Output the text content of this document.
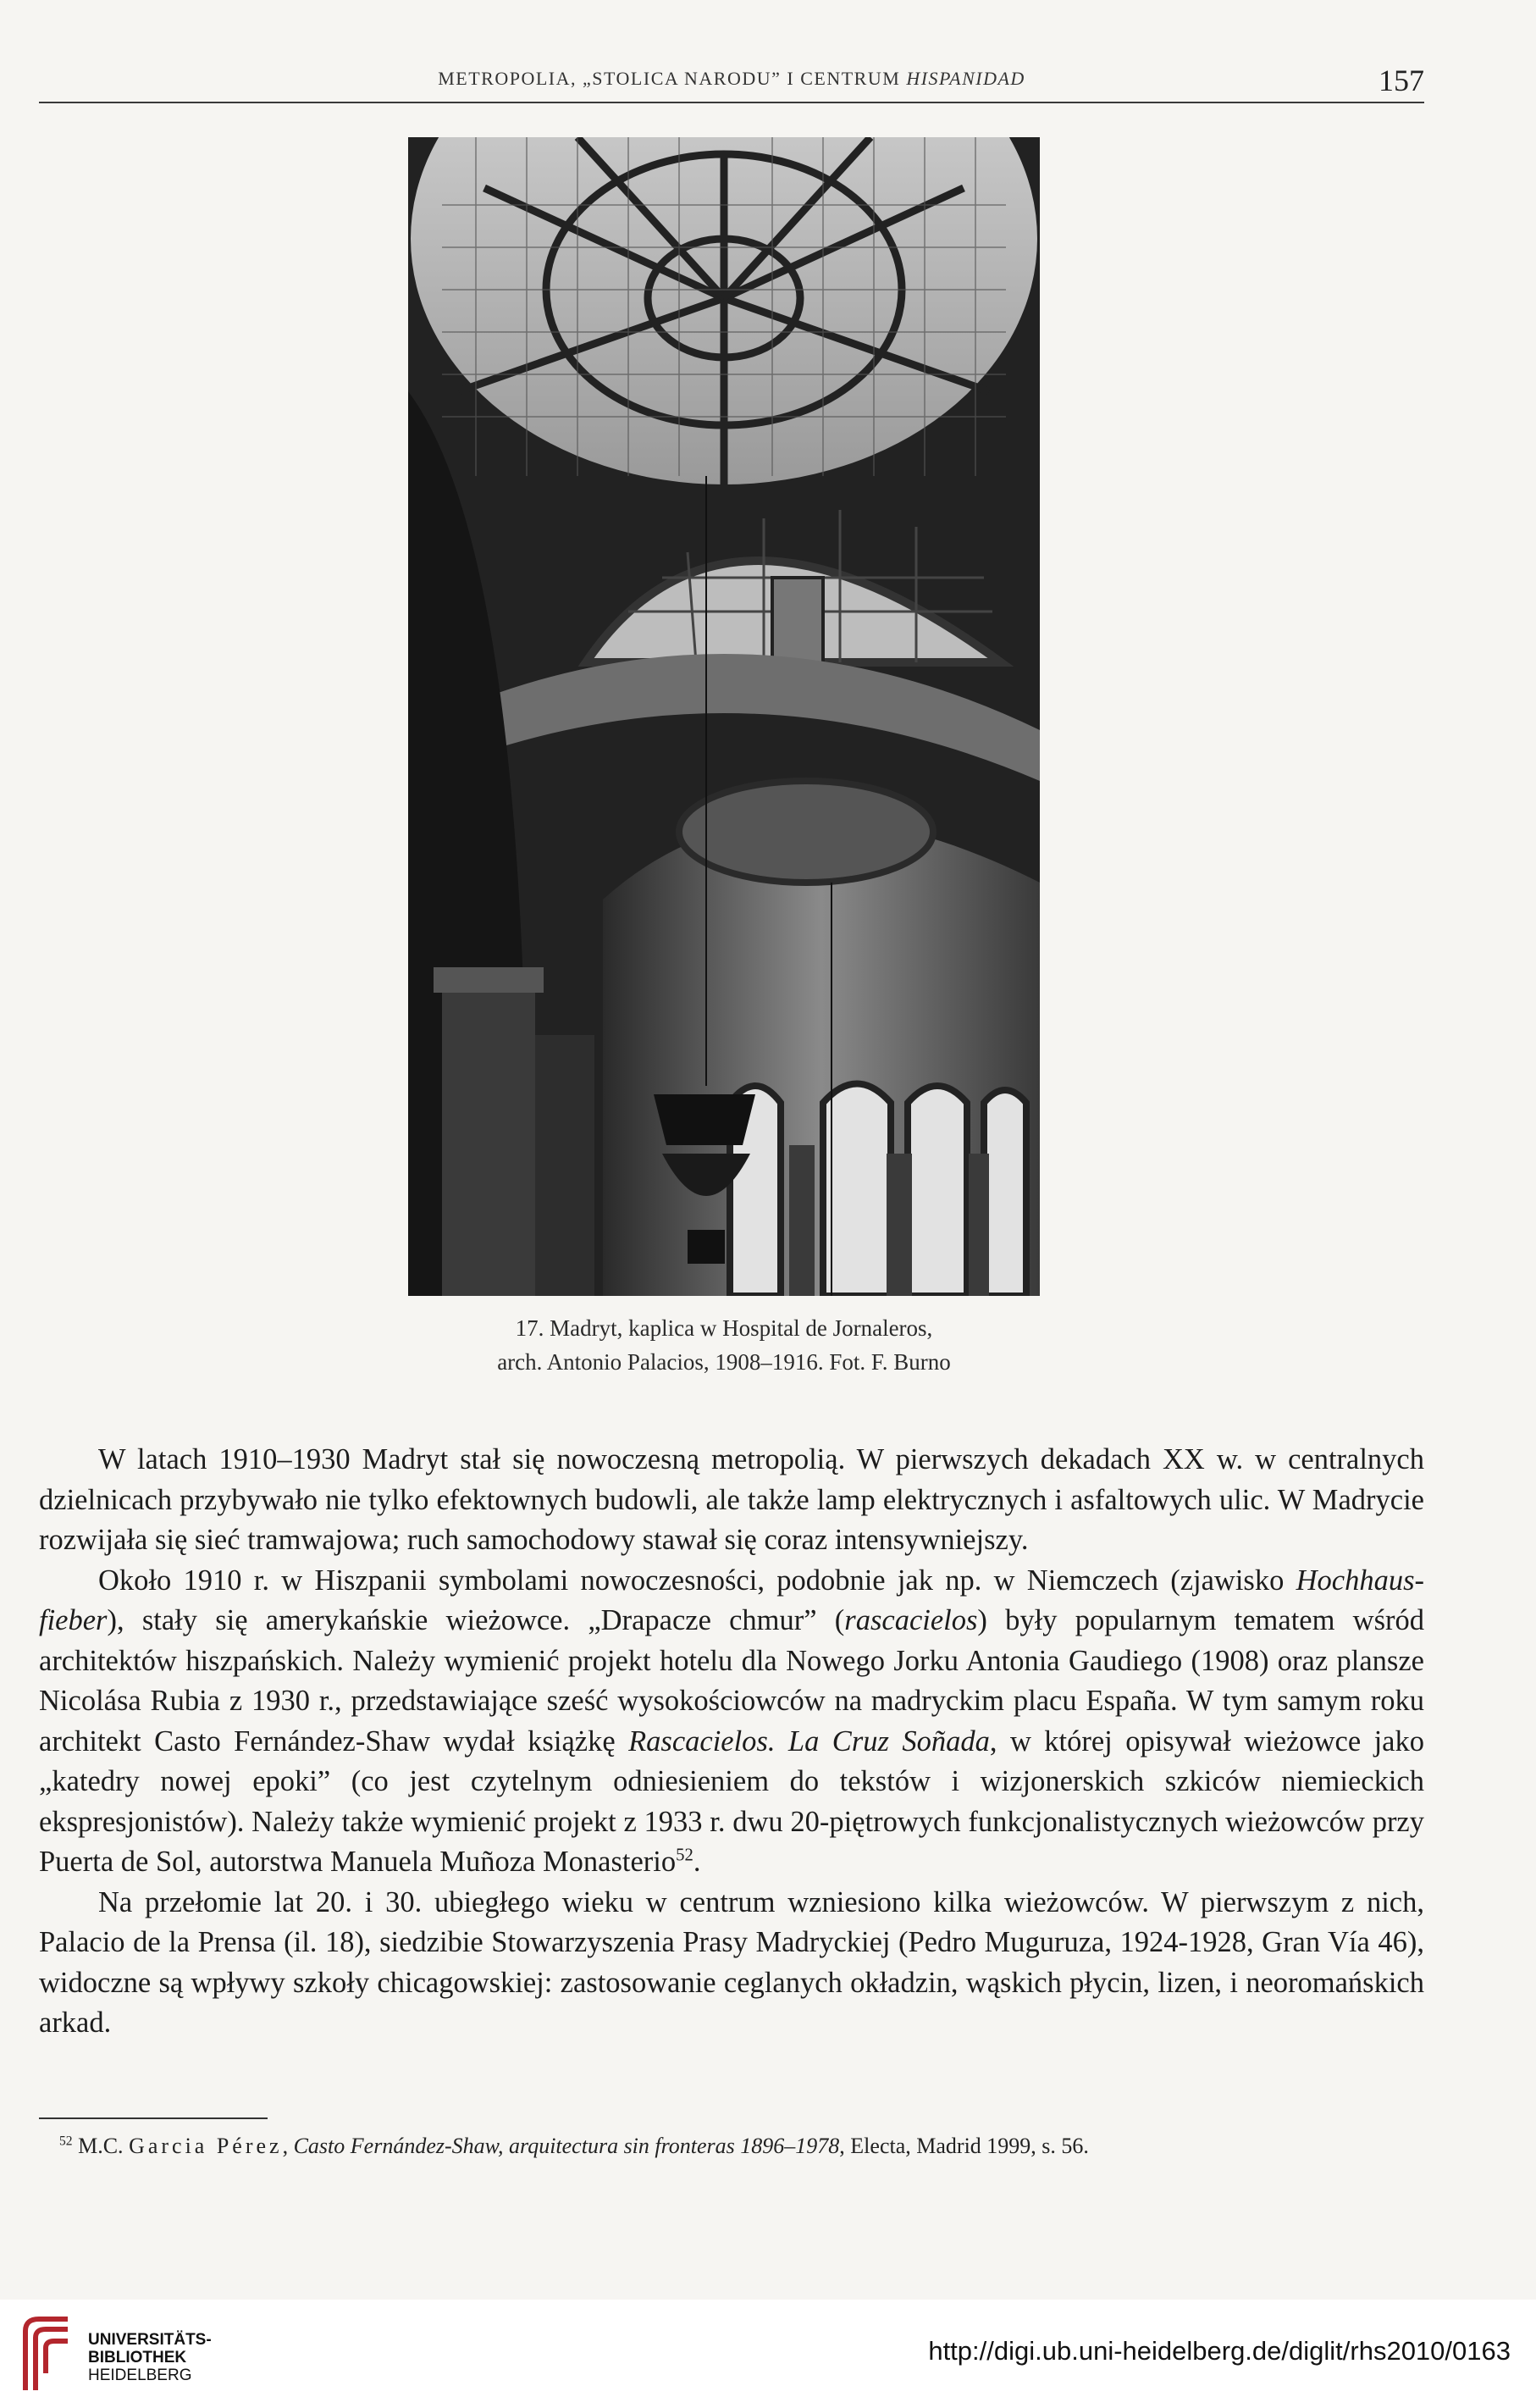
METROPOLIA, „STOLICA NARODU” I CENTRUM HISPANIDAD	157
17. Madryt, kaplica w Hospital de Jornaleros,
arch. Antonio Palacios, 1908–1916. Fot. F. Burno

W latach 1910–1930 Madryt stał się nowoczesną metropolią. W pierwszych dekadach XX w. w centralnych dzielnicach przybywało nie tylko efektownych budowli, ale także lamp elektrycznych i asfaltowych ulic. W Madrycie rozwijała się sieć tramwajowa; ruch samochodowy stawał się coraz intensywniejszy.

Około 1910 r. w Hiszpanii symbolami nowoczesności, podobnie jak np. w Niemczech (zjawisko Hochhaus-fieber), stały się amerykańskie wieżowce. „Drapacze chmur” (rascacielos) były popularnym tematem wśród architektów hiszpańskich. Należy wymienić projekt hotelu dla Nowego Jorku Antonia Gaudiego (1908) oraz plansze Nicolása Rubia z 1930 r., przedstawiające sześć wysokościowców na madryckim placu España. W tym samym roku architekt Casto Fernández-Shaw wydał książkę Rascacielos. La Cruz Soñada, w której opisywał wieżowce jako „katedry nowej epoki” (co jest czytelnym odniesieniem do tekstów i wizjonerskich szkiców niemieckich ekspresjonistów). Należy także wymienić projekt z 1933 r. dwu 20-piętrowych funkcjonalistycznych wieżowców przy Puerta de Sol, autorstwa Manuela Muñoza Monasterio$^{52}$.

Na przełomie lat 20. i 30. ubiegłego wieku w centrum wzniesiono kilka wieżowców. W pierwszym z nich, Palacio de la Prensa (il. 18), siedzibie Stowarzyszenia Prasy Madryckiej (Pedro Muguruza, 1924-1928, Gran Vía 46), widoczne są wpływy szkoły chicagowskiej: zastosowanie ceglanych okładzin, wąskich płycin, lizen, i neoromańskich arkad.

$^{52}$ M.C. Garcia Pérez, Casto Fernández-Shaw, arquitectura sin fronteras 1896–1978, Electa, Madrid 1999, s. 56.
UNIVERSITÄTS-
BIBLIOTHEK
HEIDELBERG
http://digi.ub.uni-heidelberg.de/diglit/rhs2010/0163
